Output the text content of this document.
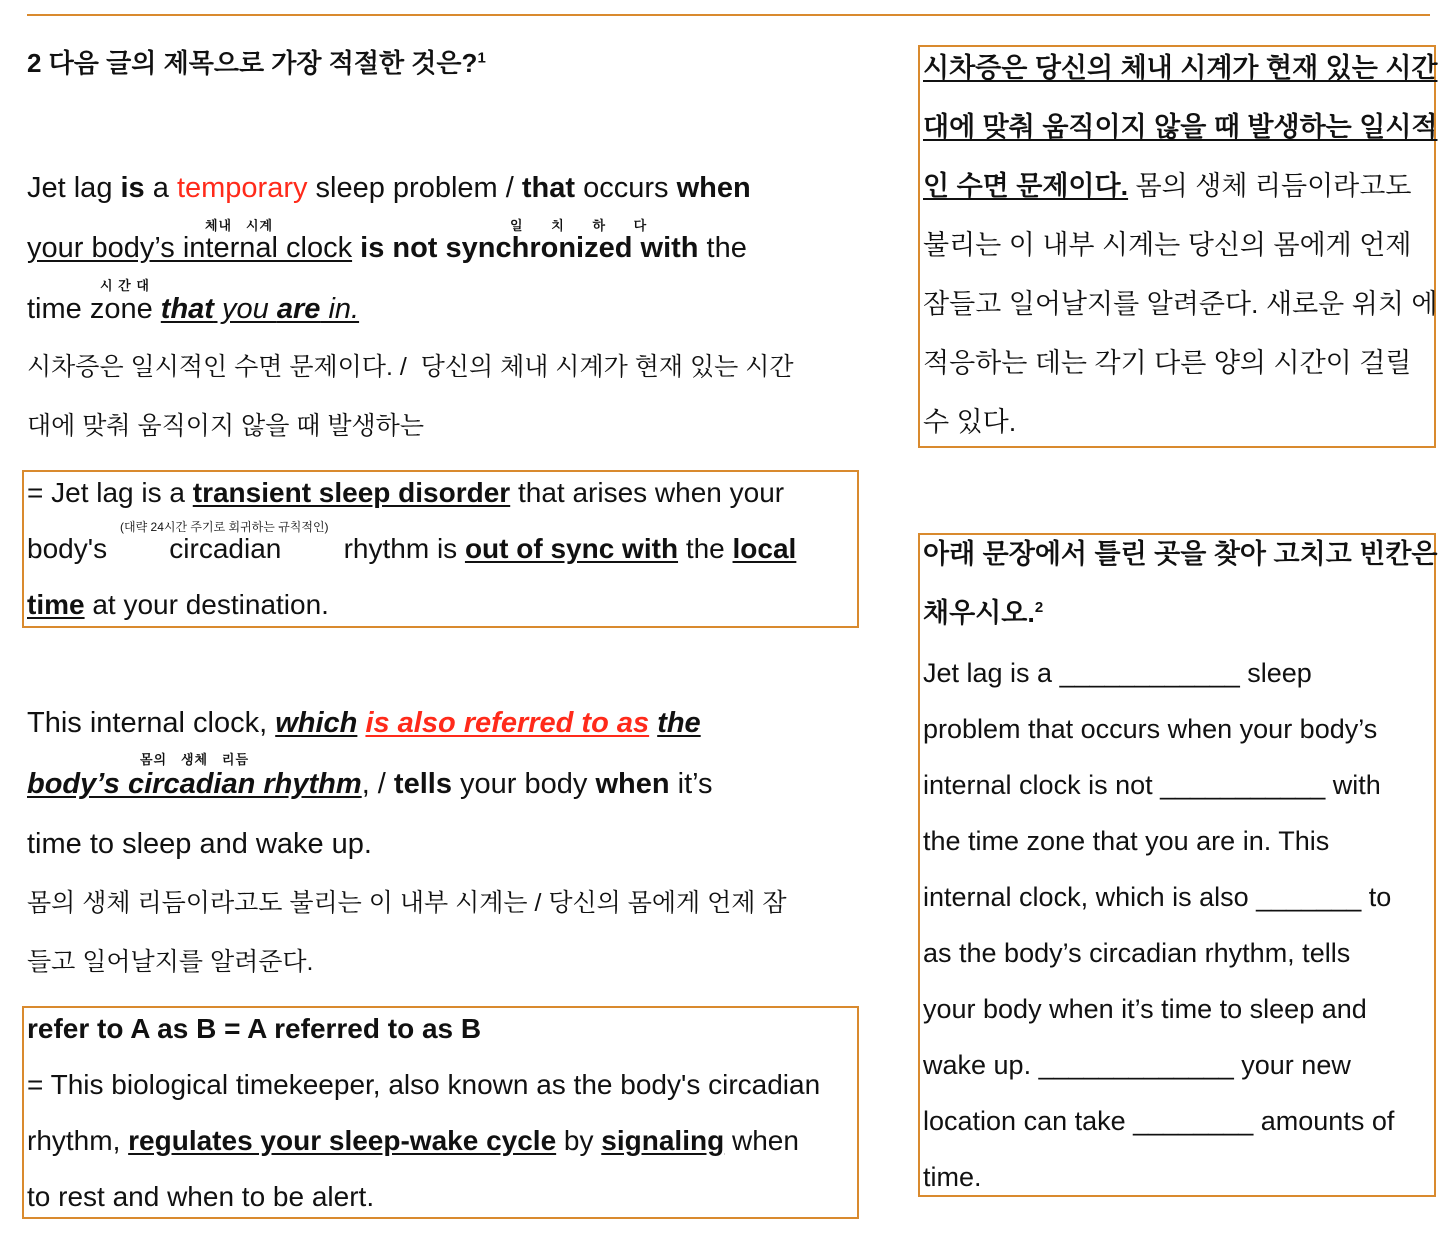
2 다음 글의 제목으로 가장 적절한 것은?$^1$
Jet lag is a temporary sleep problem / that occurs when
체내   시계	일      치      하      다
your body’s internal clock is not synchronized with the
시 간 대
time zone that you are in.
시차증은 일시적인 수면 문제이다. /  당신의 체내 시계가 현재 있는 시간
대에 맞춰 움직이지 않을 때 발생하는
= Jet lag is a transient sleep disorder that arises when your
(대략 24시간 주기로 회귀하는 규칙적인)
body's        circadian        rhythm is out of sync with the local
time at your destination.
This internal clock, which is also referred to as the
몸의   생체   리듬
body’s circadian rhythm, / tells your body when it’s
time to sleep and wake up.
몸의 생체 리듬이라고도 불리는 이 내부 시계는 / 당신의 몸에게 언제 잠
들고 일어날지를 알려준다.
refer to A as B = A referred to as B
= This biological timekeeper, also known as the body's circadian
rhythm, regulates your sleep-wake cycle by signaling when
to rest and when to be alert.
시차증은 당신의 체내 시계가 현재 있는 시간
대에 맞춰 움직이지 않을 때 발생하는 일시적
인 수면 문제이다. 몸의 생체 리듬이라고도
불리는 이 내부 시계는 당신의 몸에게 언제
잠들고 일어날지를 알려준다. 새로운 위치 에
적응하는 데는 각기 다른 양의 시간이 걸릴
수 있다.
아래 문장에서 틀린 곳을 찾아 고치고 빈칸은
채우시오.$^2$
Jet lag is a ____________ sleep
problem that occurs when your body’s
internal clock is not ___________ with
the time zone that you are in. This
internal clock, which is also _______ to
as the body’s circadian rhythm, tells
your body when it’s time to sleep and
wake up. _____________ your new
location can take ________ amounts of
time.
